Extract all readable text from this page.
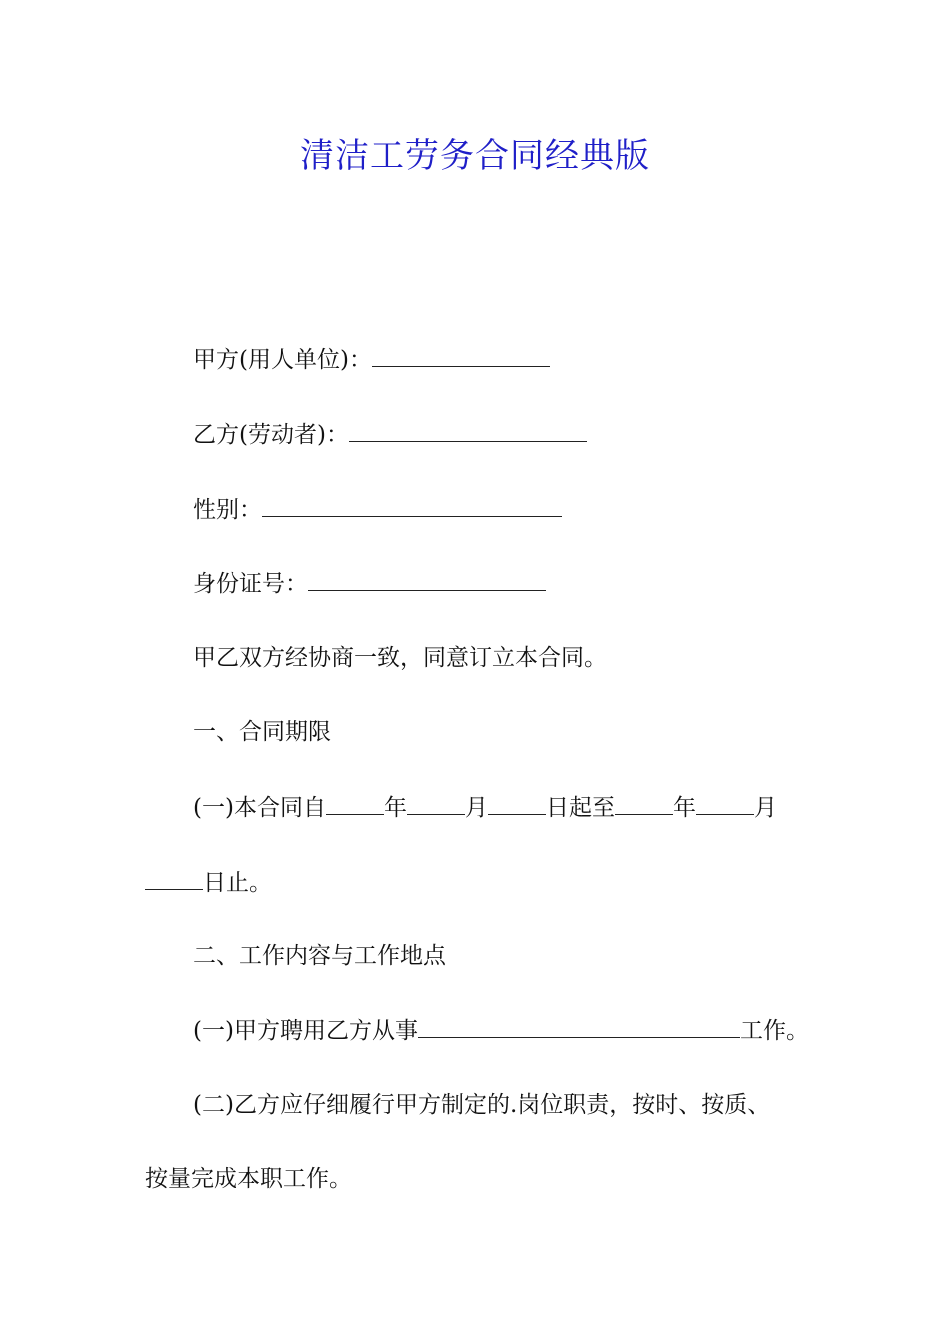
清洁工劳务合同经典版
甲方(用人单位)：
乙方(劳动者)：
性别：
身份证号：
甲乙双方经协商一致，同意订立本合同。
一、合同期限
(一)本合同自	年	月	日起至	年	月
日止。
二、工作内容与工作地点
(一)甲方聘用乙方从事	工作。
(二)乙方应仔细履行甲方制定的.岗位职责，按时、按质、
按量完成本职工作。
